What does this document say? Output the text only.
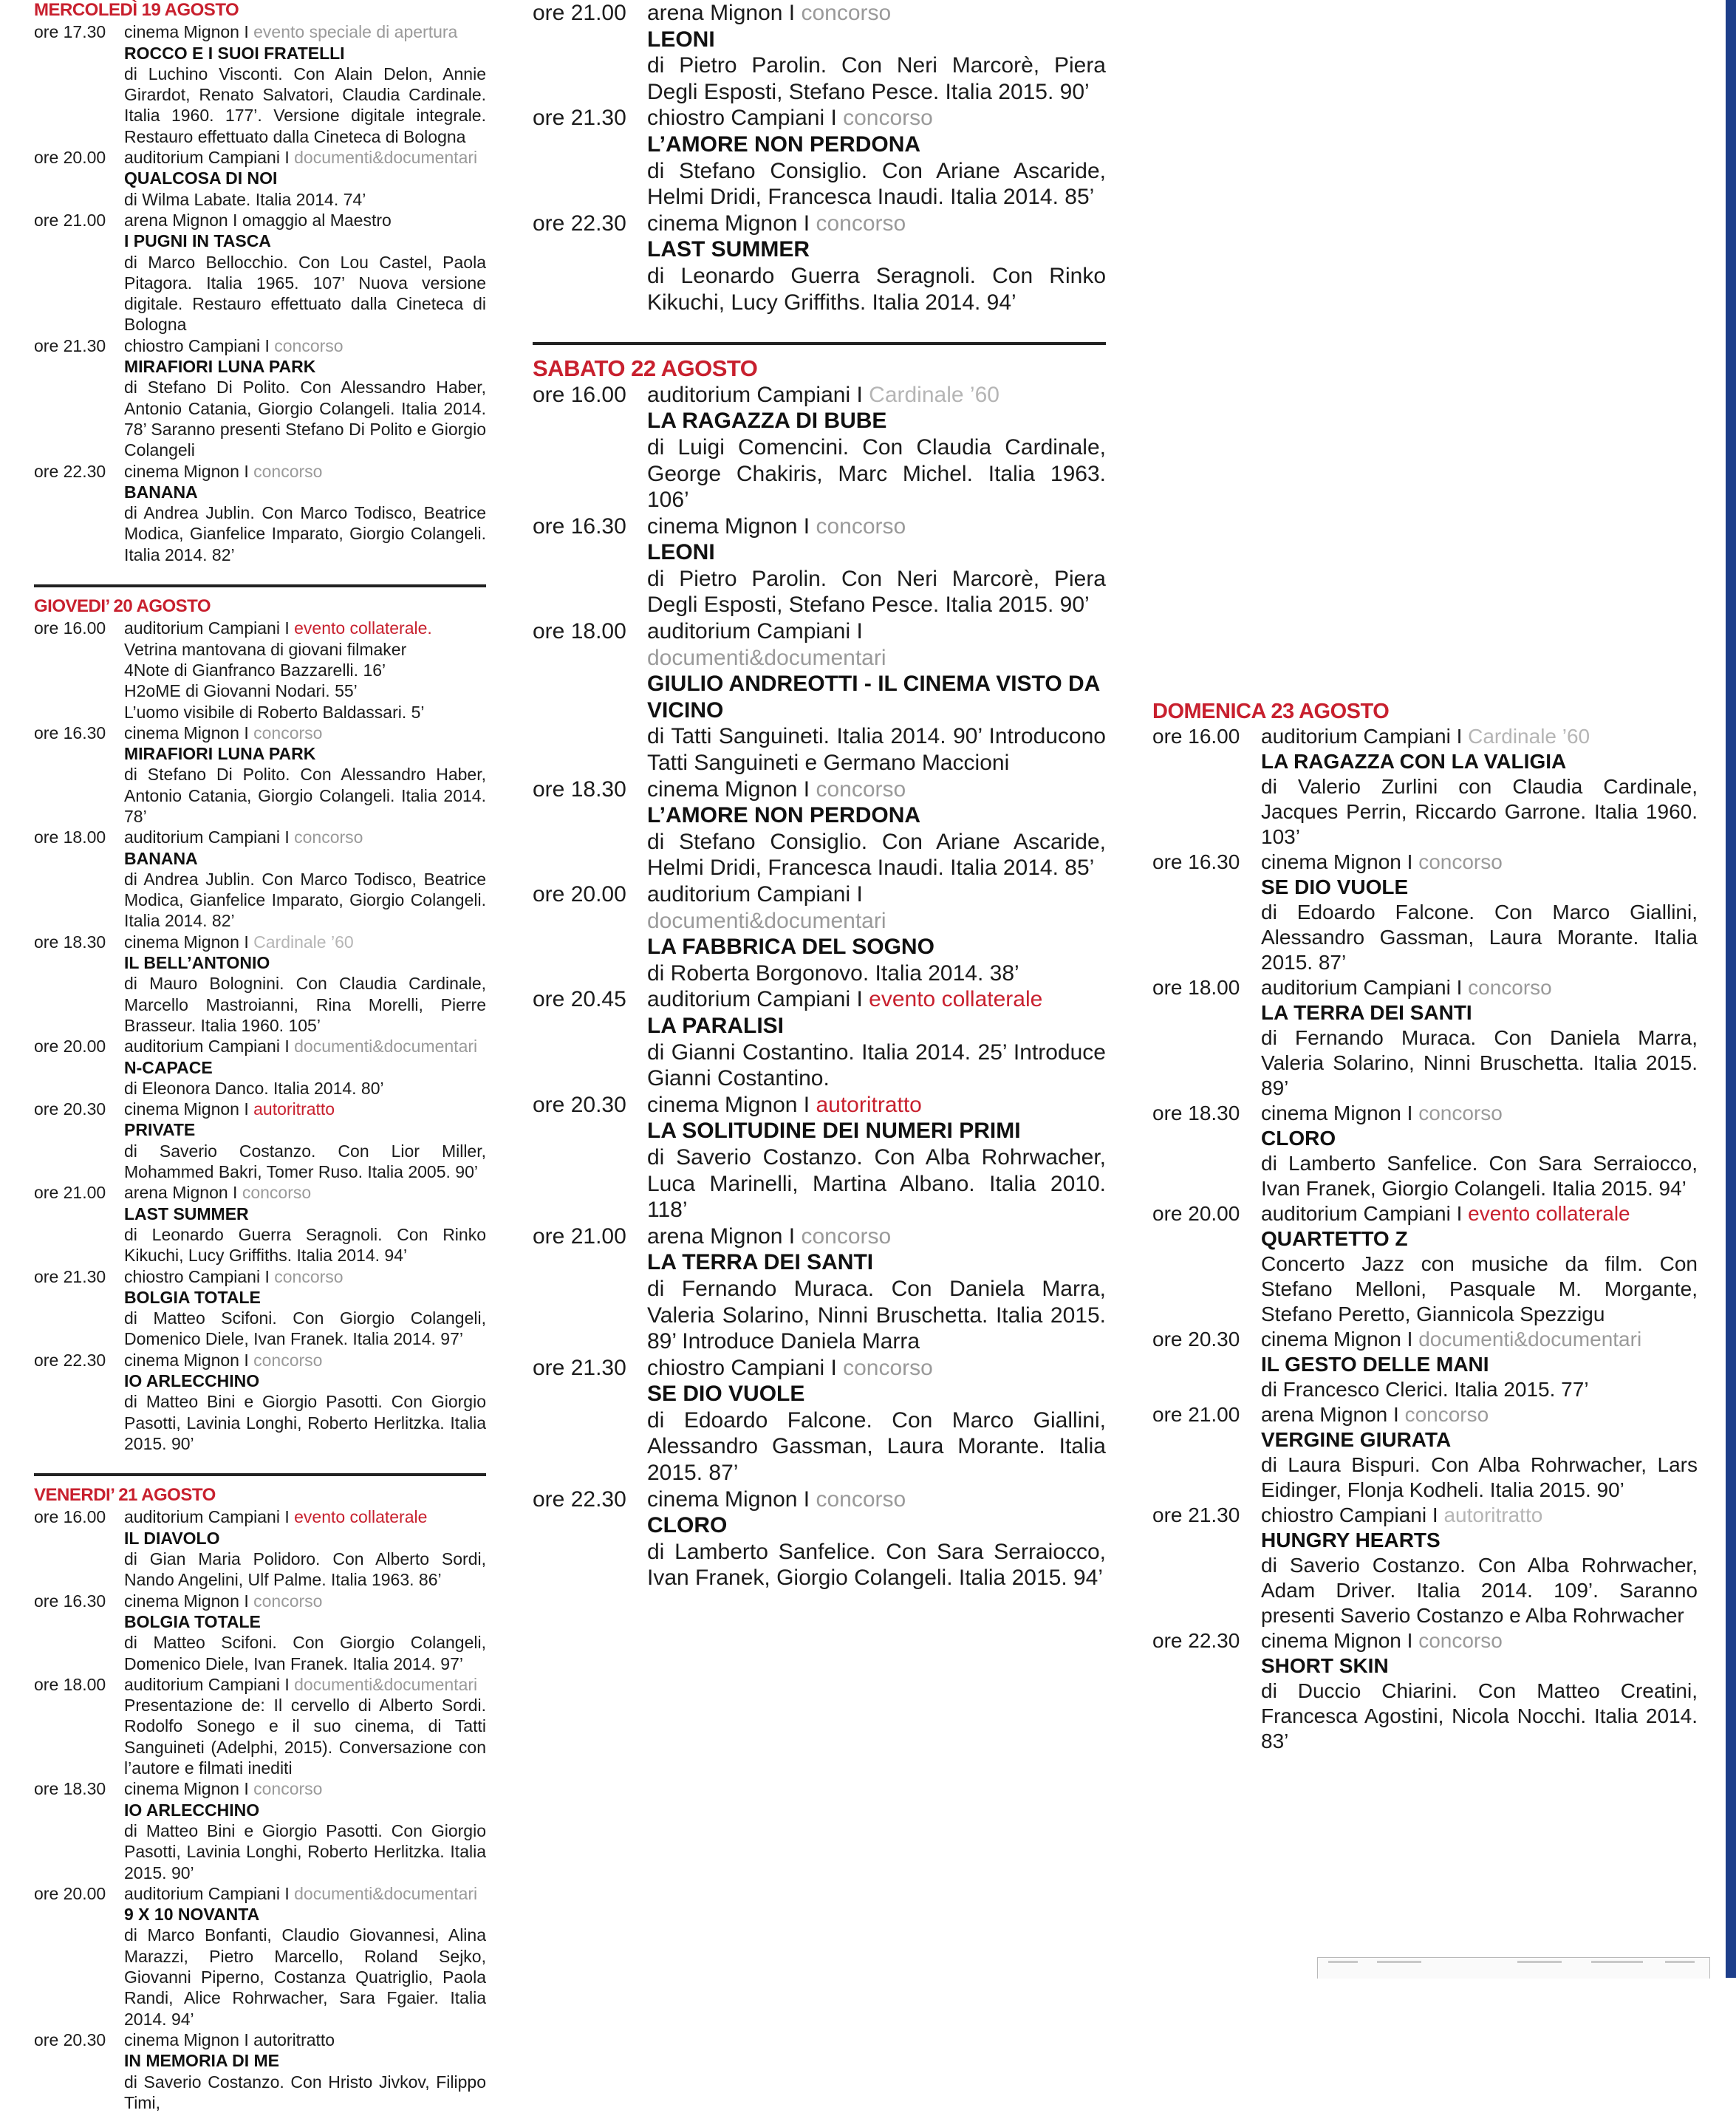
MERCOLEDÌ 19 AGOSTO
ore 17.30	cinema Mignon I evento speciale di apertura
ROCCO E I SUOI FRATELLI
di Luchino Visconti. Con Alain Delon, Annie Girardot, Renato Salvatori, Claudia Cardinale. Italia 1960. 177’. Versione digitale integrale. Restauro effettuato dalla Cineteca di Bologna
ore 20.00	auditorium Campiani I documenti&documentari
QUALCOSA DI NOI
di Wilma Labate. Italia 2014. 74’
ore 21.00	arena Mignon I omaggio al Maestro
I PUGNI IN TASCA
di Marco Bellocchio. Con Lou Castel, Paola Pitagora. Italia 1965. 107’ Nuova versione digitale. Restauro effettuato dalla Cineteca di Bologna
ore 21.30	chiostro Campiani I concorso
MIRAFIORI LUNA PARK
di Stefano Di Polito. Con Alessandro Haber, Antonio Catania, Giorgio Colangeli. Italia 2014. 78’ Saranno presenti Stefano Di Polito e Giorgio Colangeli
ore 22.30	cinema Mignon I concorso
BANANA
di Andrea Jublin. Con Marco Todisco, Beatrice Modica, Gianfelice Imparato, Giorgio Colangeli. Italia 2014. 82’
GIOVEDI’ 20 AGOSTO
ore 16.00	auditorium Campiani I evento collaterale.
Vetrina mantovana di giovani filmaker
4Note di Gianfranco Bazzarelli. 16’
H2oME di Giovanni Nodari. 55’
L’uomo visibile di Roberto Baldassari. 5’
ore 16.30	cinema Mignon I concorso
MIRAFIORI LUNA PARK
di Stefano Di Polito. Con Alessandro Haber, Antonio Catania, Giorgio Colangeli. Italia 2014. 78’
ore 18.00	auditorium Campiani I concorso
BANANA
di Andrea Jublin. Con Marco Todisco, Beatrice Modica, Gianfelice Imparato, Giorgio Colangeli. Italia 2014. 82’
ore 18.30	cinema Mignon I Cardinale ’60
IL BELL’ANTONIO
di Mauro Bolognini. Con Claudia Cardinale, Marcello Mastroianni, Rina Morelli, Pierre Brasseur. Italia 1960. 105’
ore 20.00	auditorium Campiani I documenti&documentari
N-CAPACE
di Eleonora Danco. Italia 2014. 80’
ore 20.30	cinema Mignon I autoritratto
PRIVATE
di Saverio Costanzo. Con Lior Miller, Mohammed Bakri, Tomer Ruso. Italia 2005. 90’
ore 21.00	arena Mignon I concorso
LAST SUMMER
di Leonardo Guerra Seragnoli. Con Rinko Kikuchi, Lucy Griffiths. Italia 2014. 94’
ore 21.30	chiostro Campiani I concorso
BOLGIA TOTALE
di Matteo Scifoni. Con Giorgio Colangeli, Domenico Diele, Ivan Franek. Italia 2014. 97’
ore 22.30	cinema Mignon I concorso
IO ARLECCHINO
di Matteo Bini e Giorgio Pasotti. Con Giorgio Pasotti, Lavinia Longhi, Roberto Herlitzka. Italia 2015. 90’
VENERDI’ 21 AGOSTO
ore 16.00	auditorium Campiani I evento collaterale
IL DIAVOLO
di Gian Maria Polidoro. Con Alberto Sordi, Nando Angelini, Ulf Palme. Italia 1963. 86’
ore 16.30	cinema Mignon I concorso
BOLGIA TOTALE
di Matteo Scifoni. Con Giorgio Colangeli, Domenico Diele, Ivan Franek. Italia 2014. 97’
ore 18.00	auditorium Campiani I documenti&documentari
Presentazione de: Il cervello di Alberto Sordi. Rodolfo Sonego e il suo cinema, di Tatti Sanguineti (Adelphi, 2015). Conversazione con l’autore e filmati inediti
ore 18.30	cinema Mignon I concorso
IO ARLECCHINO
di Matteo Bini e Giorgio Pasotti. Con Giorgio Pasotti, Lavinia Longhi, Roberto Herlitzka. Italia 2015. 90’
ore 20.00	auditorium Campiani I documenti&documentari
9 X 10 NOVANTA
di Marco Bonfanti, Claudio Giovannesi, Alina Marazzi, Pietro Marcello, Roland Sejko, Giovanni Piperno, Costanza Quatriglio, Paola Randi, Alice Rohrwacher, Sara Fgaier. Italia 2014. 94’
ore 20.30	cinema Mignon I autoritratto
IN MEMORIA DI ME
di Saverio Costanzo. Con Hristo Jivkov, Filippo Timi,
ore 21.00 arena Mignon I concorso
LEONI
di Pietro Parolin. Con Neri Marcorè, Piera Degli Esposti, Stefano Pesce. Italia 2015. 90’
ore 21.30 chiostro Campiani I concorso
L’AMORE NON PERDONA
di Stefano Consiglio. Con Ariane Ascaride, Helmi Dridi, Francesca Inaudi. Italia 2014. 85’
ore 22.30 cinema Mignon I concorso
LAST SUMMER
di Leonardo Guerra Seragnoli. Con Rinko Kikuchi, Lucy Griffiths. Italia 2014. 94’
SABATO 22 AGOSTO
ore 16.00 auditorium Campiani I Cardinale ’60
LA RAGAZZA DI BUBE
di Luigi Comencini. Con Claudia Cardinale, George Chakiris, Marc Michel. Italia 1963. 106’
ore 16.30 cinema Mignon I concorso
LEONI
di Pietro Parolin. Con Neri Marcorè, Piera Degli Esposti, Stefano Pesce. Italia 2015. 90’
ore 18.00 auditorium Campiani I documenti&documentari
GIULIO ANDREOTTI - IL CINEMA VISTO DA VICINO
di Tatti Sanguineti. Italia 2014. 90’ Introducono Tatti Sanguineti e Germano Maccioni
ore 18.30 cinema Mignon I concorso
L’AMORE NON PERDONA
di Stefano Consiglio. Con Ariane Ascaride, Helmi Dridi, Francesca Inaudi. Italia 2014. 85’
ore 20.00 auditorium Campiani I documenti&documentari
LA FABBRICA DEL SOGNO
di Roberta Borgonovo. Italia 2014. 38’
ore 20.45 auditorium Campiani I evento collaterale
LA PARALISI
di Gianni Costantino. Italia 2014. 25’ Introduce Gianni Costantino.
ore 20.30 cinema Mignon I autoritratto
LA SOLITUDINE DEI NUMERI PRIMI
di Saverio Costanzo. Con Alba Rohrwacher, Luca Marinelli, Martina Albano. Italia 2010. 118’
ore 21.00 arena Mignon I concorso
LA TERRA DEI SANTI
di Fernando Muraca. Con Daniela Marra, Valeria Solarino, Ninni Bruschetta. Italia 2015. 89’ Introduce Daniela Marra
ore 21.30 chiostro Campiani I concorso
SE DIO VUOLE
di Edoardo Falcone. Con Marco Giallini, Alessandro Gassman, Laura Morante. Italia 2015. 87’
ore 22.30 cinema Mignon I concorso
CLORO
di Lamberto Sanfelice. Con Sara Serraiocco, Ivan Franek, Giorgio Colangeli. Italia 2015. 94’
DOMENICA 23 AGOSTO
ore 16.00	auditorium Campiani I Cardinale ’60
LA RAGAZZA CON LA VALIGIA
di Valerio Zurlini con Claudia Cardinale, Jacques Perrin, Riccardo Garrone. Italia 1960. 103’
ore 16.30	cinema Mignon I concorso
SE DIO VUOLE
di Edoardo Falcone. Con Marco Giallini, Alessandro Gassman, Laura Morante. Italia 2015. 87’
ore 18.00	auditorium Campiani I concorso
LA TERRA DEI SANTI
di Fernando Muraca. Con Daniela Marra, Valeria Solarino, Ninni Bruschetta. Italia 2015. 89’
ore 18.30	cinema Mignon I concorso
CLORO
di Lamberto Sanfelice. Con Sara Serraiocco, Ivan Franek, Giorgio Colangeli. Italia 2015. 94’
ore 20.00	auditorium Campiani I evento collaterale
QUARTETTO Z
Concerto Jazz con musiche da film. Con Stefano Melloni, Pasquale M. Morgante, Stefano Peretto, Giannicola Spezzigu
ore 20.30	cinema Mignon I documenti&documentari
IL GESTO DELLE MANI
di Francesco Clerici. Italia 2015. 77’
ore 21.00	arena Mignon I concorso
VERGINE GIURATA
di Laura Bispuri. Con Alba Rohrwacher, Lars Eidinger, Flonja Kodheli. Italia 2015. 90’
ore 21.30	chiostro Campiani I autoritratto
HUNGRY HEARTS
di Saverio Costanzo. Con Alba Rohrwacher, Adam Driver. Italia 2014. 109’. Saranno presenti Saverio Costanzo e Alba Rohrwacher
ore 22.30	cinema Mignon I concorso
SHORT SKIN
di Duccio Chiarini. Con Matteo Creatini, Francesca Agostini, Nicola Nocchi. Italia 2014. 83’
